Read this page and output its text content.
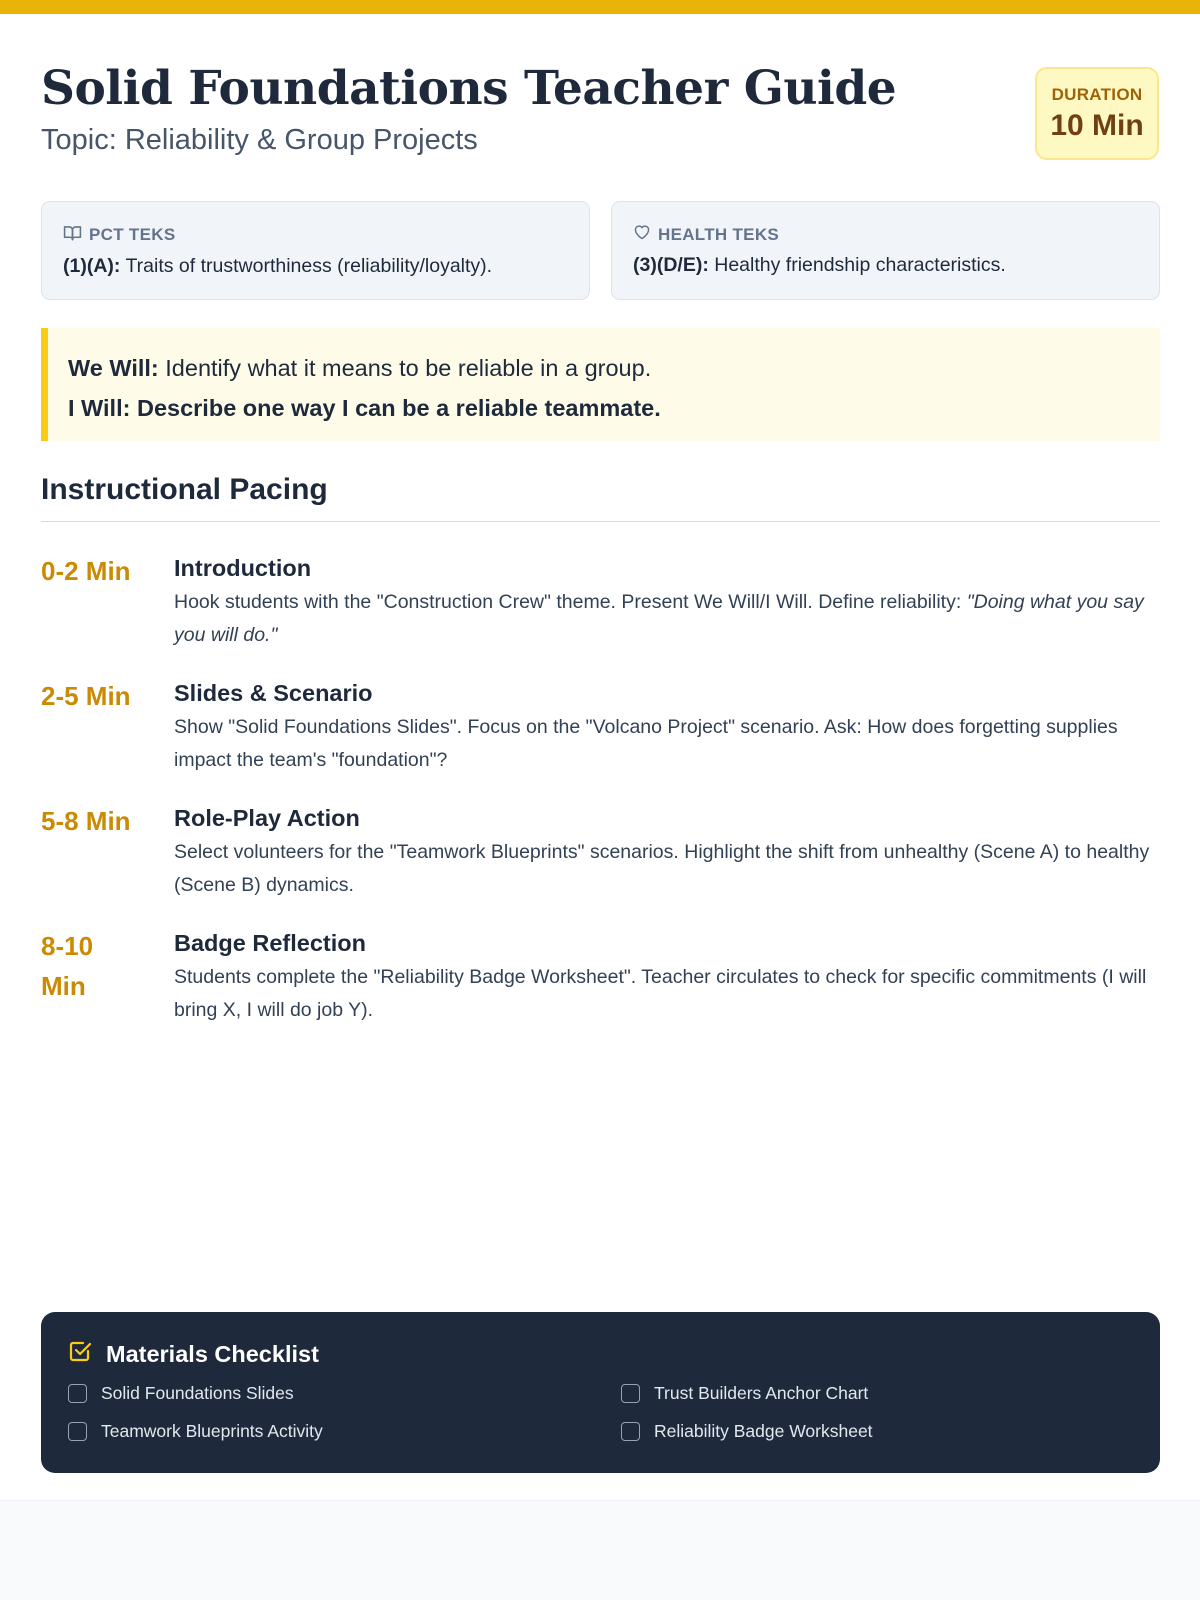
Solid Foundations Teacher Guide
Topic: Reliability & Group Projects
DURATION
10 Min
PCT TEKS
(1)(A): Traits of trustworthiness (reliability/loyalty).
HEALTH TEKS
(3)(D/E): Healthy friendship characteristics.
We Will: Identify what it means to be reliable in a group.
I Will: Describe one way I can be a reliable teammate.
Instructional Pacing
0-2 Min	Introduction
Hook students with the "Construction Crew" theme. Present We Will/I Will. Define reliability: "Doing what you say you will do."
2-5 Min	Slides & Scenario
Show "Solid Foundations Slides". Focus on the "Volcano Project" scenario. Ask: How does forgetting supplies impact the team's "foundation"?
5-8 Min	Role-Play Action
Select volunteers for the "Teamwork Blueprints" scenarios. Highlight the shift from unhealthy (Scene A) to healthy (Scene B) dynamics.
8-10 Min
Badge Reflection
Students complete the "Reliability Badge Worksheet". Teacher circulates to check for specific commitments (I will bring X, I will do job Y).
Materials Checklist
Solid Foundations Slides	Trust Builders Anchor Chart
Teamwork Blueprints Activity	Reliability Badge Worksheet
